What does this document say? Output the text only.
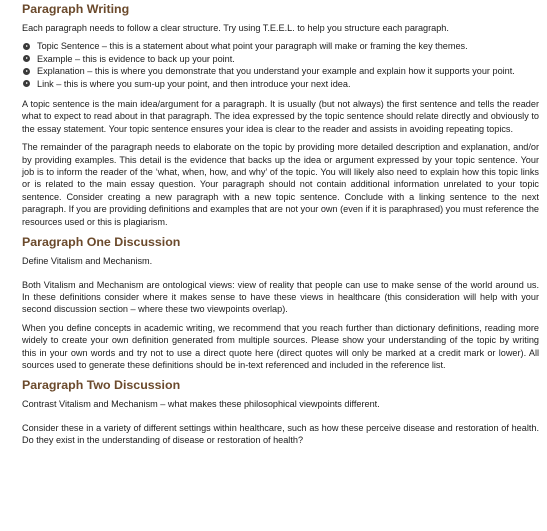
Paragraph Writing

Each paragraph needs to follow a clear structure. Try using T.E.E.L. to help you structure each paragraph.

Topic Sentence – this is a statement about what point your paragraph will make or framing the key themes.
Example – this is evidence to back up your point.
Explanation – this is where you demonstrate that you understand your example and explain how it supports your point.
Link – this is where you sum-up your point, and then introduce your next idea.

A topic sentence is the main idea/argument for a paragraph. It is usually (but not always) the first sentence and tells the reader what to expect to read about in that paragraph. The idea expressed by the topic sentence should relate directly and obviously to the essay statement. Your topic sentence ensures your idea is clear to the reader and assists in avoiding repeating topics.

The remainder of the paragraph needs to elaborate on the topic by providing more detailed description and explanation, and/or by providing examples. This detail is the evidence that backs up the idea or argument expressed by your topic sentence. Your job is to inform the reader of the ‘what, when, how, and why’ of the topic. You will likely also need to explain how this topic links or is related to the main essay question. Your paragraph should not contain additional information unrelated to your topic sentence. Consider creating a new paragraph with a new topic sentence. Conclude with a linking sentence to the next paragraph. If you are providing definitions and examples that are not your own (even if it is paraphrased) you must reference the resources used or this is plagiarism.

Paragraph One Discussion

Define Vitalism and Mechanism.

Both Vitalism and Mechanism are ontological views: view of reality that people can use to make sense of the world around us. In these definitions consider where it makes sense to have these views in healthcare (this consideration will help with your second discussion section – where these two viewpoints overlap).

When you define concepts in academic writing, we recommend that you reach further than dictionary definitions, reading more widely to create your own definition generated from multiple sources. Please show your understanding of the topic by writing this in your own words and try not to use a direct quote here (direct quotes will only be marked at a credit mark or lower). All sources used to generate these definitions should be in-text referenced and included in the reference list.

Paragraph Two Discussion

Contrast Vitalism and Mechanism – what makes these philosophical viewpoints different.

Consider these in a variety of different settings within healthcare, such as how these perceive disease and restoration of health. Do they exist in the understanding of disease or restoration of health?
